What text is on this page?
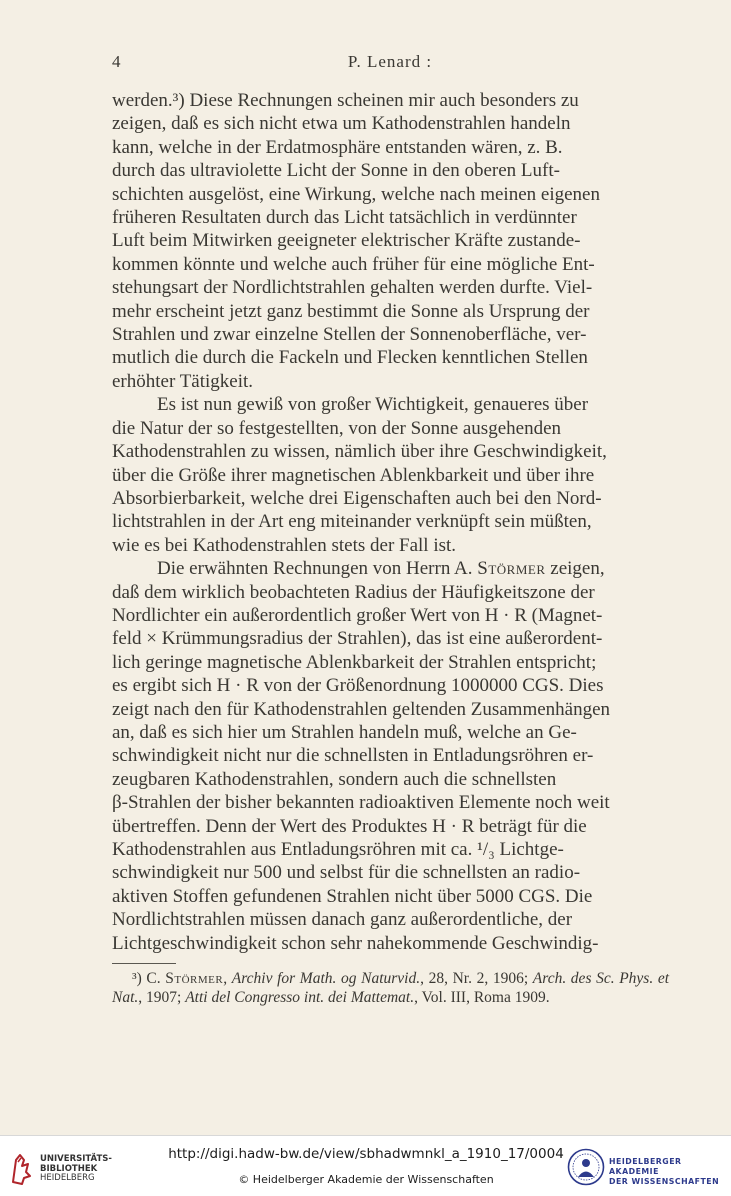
4	P. Lenard :

werden.³) Diese Rechnungen scheinen mir auch besonders zu
zeigen, daß es sich nicht etwa um Kathodenstrahlen handeln
kann, welche in der Erdatmosphäre entstanden wären, z. B.
durch das ultraviolette Licht der Sonne in den oberen Luft-
schichten ausgelöst, eine Wirkung, welche nach meinen eigenen
früheren Resultaten durch das Licht tatsächlich in verdünnter
Luft beim Mitwirken geeigneter elektrischer Kräfte zustande-
kommen könnte und welche auch früher für eine mögliche Ent-
stehungsart der Nordlichtstrahlen gehalten werden durfte. Viel-
mehr erscheint jetzt ganz bestimmt die Sonne als Ursprung der
Strahlen und zwar einzelne Stellen der Sonnenoberfläche, ver-
mutlich die durch die Fackeln und Flecken kenntlichen Stellen
erhöhter Tätigkeit.

Es ist nun gewiß von großer Wichtigkeit, genaueres über
die Natur der so festgestellten, von der Sonne ausgehenden
Kathodenstrahlen zu wissen, nämlich über ihre Geschwindigkeit,
über die Größe ihrer magnetischen Ablenkbarkeit und über ihre
Absorbierbarkeit, welche drei Eigenschaften auch bei den Nord-
lichtstrahlen in der Art eng miteinander verknüpft sein müßten,
wie es bei Kathodenstrahlen stets der Fall ist.

Die erwähnten Rechnungen von Herrn A. Störmer zeigen,
daß dem wirklich beobachteten Radius der Häufigkeitszone der
Nordlichter ein außerordentlich großer Wert von H · R (Magnet-
feld × Krümmungsradius der Strahlen), das ist eine außerordent-
lich geringe magnetische Ablenkbarkeit der Strahlen entspricht;
es ergibt sich H · R von der Größenordnung 1000000 CGS. Dies
zeigt nach den für Kathodenstrahlen geltenden Zusammenhängen
an, daß es sich hier um Strahlen handeln muß, welche an Ge-
schwindigkeit nicht nur die schnellsten in Entladungsröhren er-
zeugbaren Kathodenstrahlen, sondern auch die schnellsten
β-Strahlen der bisher bekannten radioaktiven Elemente noch weit
übertreffen. Denn der Wert des Produktes H · R beträgt für die
Kathodenstrahlen aus Entladungsröhren mit ca. ¹/₃ Lichtge-
schwindigkeit nur 500 und selbst für die schnellsten an radio-
aktiven Stoffen gefundenen Strahlen nicht über 5000 CGS. Die
Nordlichtstrahlen müssen danach ganz außerordentliche, der
Lichtgeschwindigkeit schon sehr nahekommende Geschwindig-

³) C. Störmer, Archiv for Math. og Naturvid., 28, Nr. 2, 1906; Arch. des Sc. Phys. et Nat., 1907; Atti del Congresso int. dei Mattemat., Vol. III, Roma 1909.
UNIVERSITÄTS-
BIBLIOTHEK
HEIDELBERG
http://digi.hadw-bw.de/view/sbhadwmnkl_a_1910_17/0004
© Heidelberger Akademie der Wissenschaften
HEIDELBERGER AKADEMIE
DER WISSENSCHAFTEN
